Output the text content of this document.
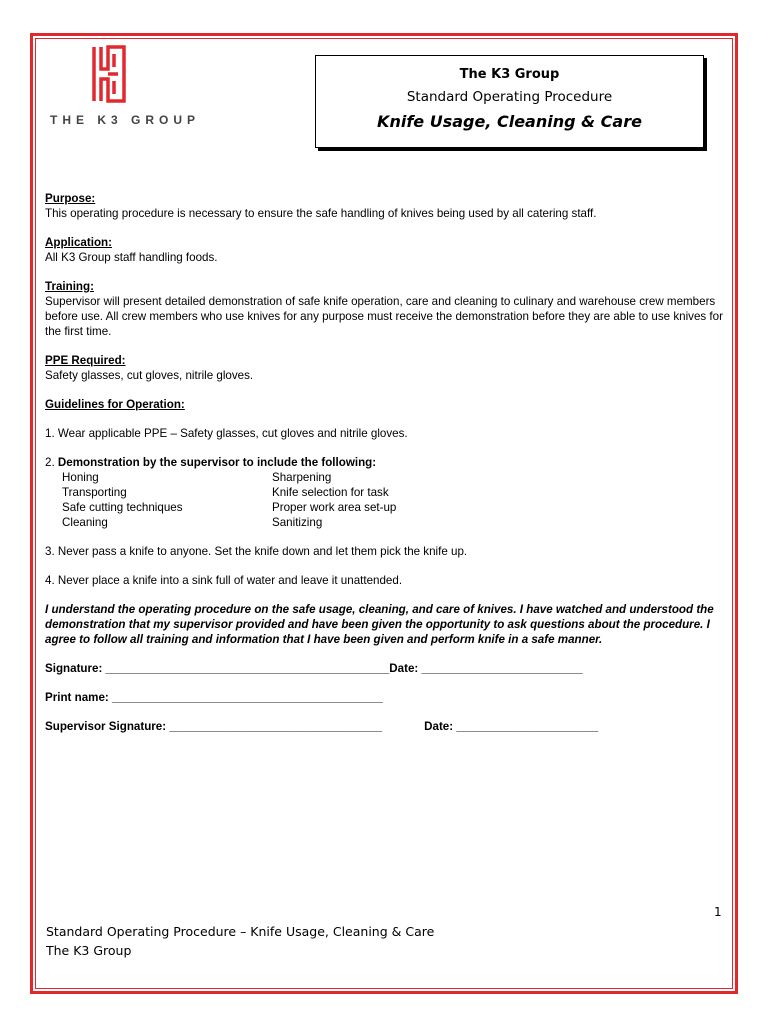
THE K3 GROUP
The K3 Group
Standard Operating Procedure
Knife Usage, Cleaning & Care
Purpose:
This operating procedure is necessary to ensure the safe handling of knives being used by all catering staff.
Application:
All K3 Group staff handling foods.
Training:
Supervisor will present detailed demonstration of safe knife operation, care and cleaning to culinary and warehouse crew members before use. All crew members who use knives for any purpose must receive the demonstration before they are able to use knives for the first time.
PPE Required:
Safety glasses, cut gloves, nitrile gloves.
Guidelines for Operation:
1. Wear applicable PPE – Safety glasses, cut gloves and nitrile gloves.
2. Demonstration by the supervisor to include the following:
Honing	Sharpening
Transporting	Knife selection for task
Safe cutting techniques	Proper work area set-up
Cleaning	Sanitizing
3. Never pass a knife to anyone. Set the knife down and let them pick the knife up.
4. Never place a knife into a sink full of water and leave it unattended.
I understand the operating procedure on the safe usage, cleaning, and care of knives. I have watched and understood the demonstration that my supervisor provided and have been given the opportunity to ask questions about the procedure. I agree to follow all training and information that I have been given and perform knife in a safe manner.
Signature: ____________________________________________Date: _________________________
Print name: __________________________________________
Supervisor Signature: _________________________________	Date: ______________________
1
Standard Operating Procedure – Knife Usage, Cleaning & Care
The K3 Group
